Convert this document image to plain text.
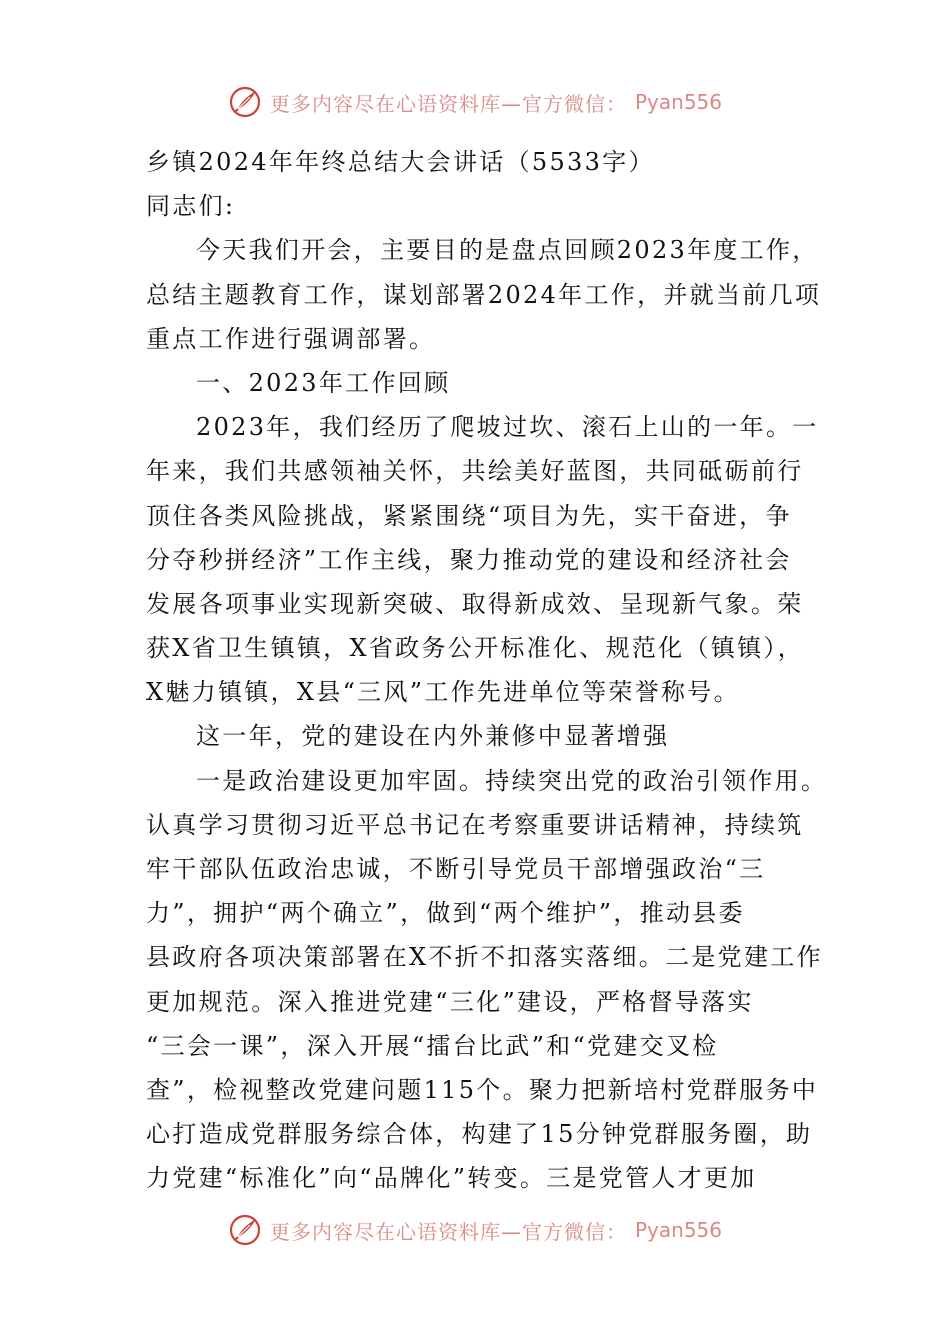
更多内容尽在心语资料库—官方微信： Pyan556
乡镇2024年年终总结大会讲话（5533字）
同志们:
今天我们开会，主要目的是盘点回顾2023年度工作，
总结主题教育工作，谋划部署2024年工作，并就当前几项
重点工作进行强调部署。
一、2023年工作回顾
2023年，我们经历了爬坡过坎、滚石上山的一年。一
年来，我们共感领袖关怀，共绘美好蓝图，共同砥砺前行
顶住各类风险挑战，紧紧围绕“项目为先，实干奋进，争
分夺秒拼经济”工作主线，聚力推动党的建设和经济社会
发展各项事业实现新突破、取得新成效、呈现新气象。荣
获X省卫生镇镇，X省政务公开标准化、规范化（镇镇），
X魅力镇镇，X县“三风”工作先进单位等荣誉称号。
这一年，党的建设在内外兼修中显著增强
一是政治建设更加牢固。持续突出党的政治引领作用。
认真学习贯彻习近平总书记在考察重要讲话精神，持续筑
牢干部队伍政治忠诚，不断引导党员干部增强政治“三
力”，拥护“两个确立”，做到“两个维护”，推动县委
县政府各项决策部署在X不折不扣落实落细。二是党建工作
更加规范。深入推进党建“三化”建设，严格督导落实
“三会一课”，深入开展“擂台比武”和“党建交叉检
查”，检视整改党建问题115个。聚力把新培村党群服务中
心打造成党群服务综合体，构建了15分钟党群服务圈，助
力党建“标准化”向“品牌化”转变。三是党管人才更加
更多内容尽在心语资料库—官方微信： Pyan556
